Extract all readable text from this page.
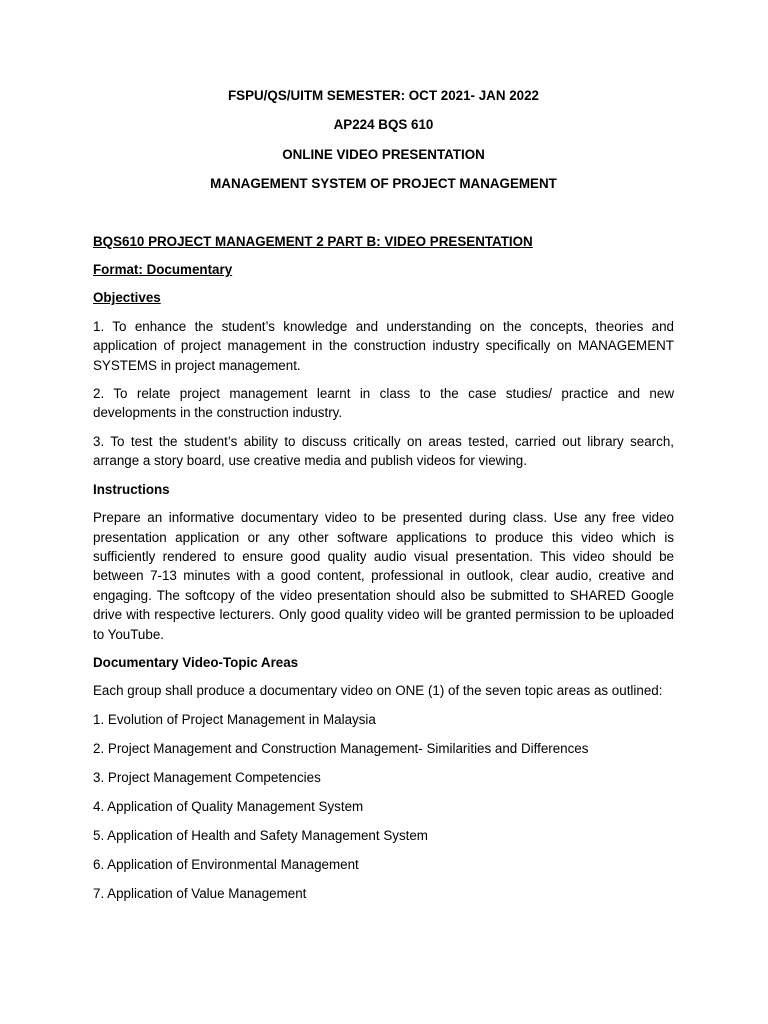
FSPU/QS/UITM SEMESTER: OCT 2021- JAN 2022

AP224 BQS 610

ONLINE VIDEO PRESENTATION

MANAGEMENT SYSTEM OF PROJECT MANAGEMENT

BQS610 PROJECT MANAGEMENT 2 PART B: VIDEO PRESENTATION

Format: Documentary

Objectives

1. To enhance the student’s knowledge and understanding on the concepts, theories and application of project management in the construction industry specifically on MANAGEMENT SYSTEMS in project management.

2. To relate project management learnt in class to the case studies/ practice and new developments in the construction industry.

3. To test the student’s ability to discuss critically on areas tested, carried out library search, arrange a story board, use creative media and publish videos for viewing.

Instructions

Prepare an informative documentary video to be presented during class. Use any free video presentation application or any other software applications to produce this video which is sufficiently rendered to ensure good quality audio visual presentation. This video should be between 7-13 minutes with a good content, professional in outlook, clear audio, creative and engaging. The softcopy of the video presentation should also be submitted to SHARED Google drive with respective lecturers. Only good quality video will be granted permission to be uploaded to YouTube.

Documentary Video-Topic Areas

Each group shall produce a documentary video on ONE (1) of the seven topic areas as outlined:

1. Evolution of Project Management in Malaysia

2. Project Management and Construction Management- Similarities and Differences

3. Project Management Competencies

4. Application of Quality Management System

5. Application of Health and Safety Management System

6. Application of Environmental Management

7. Application of Value Management
